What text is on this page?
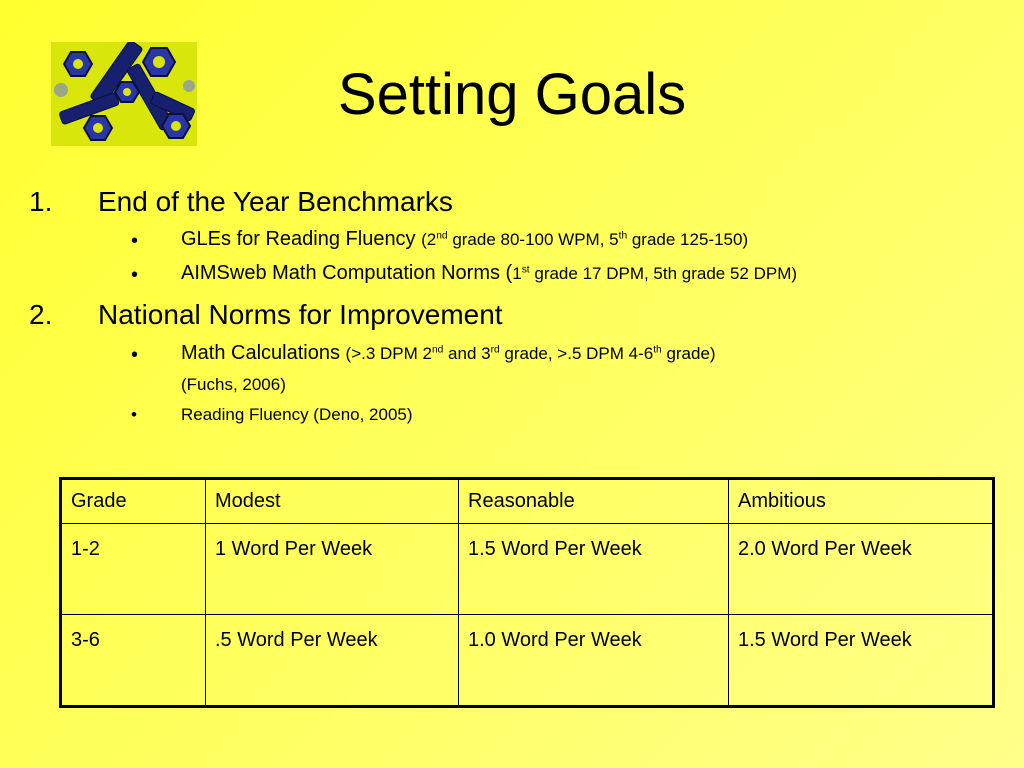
Setting Goals
1. End of the Year Benchmarks
• GLEs for Reading Fluency (2nd grade 80-100 WPM, 5th grade 125-150)
• AIMSweb Math Computation Norms (1st grade 17 DPM, 5th grade 52 DPM)
2. National Norms for Improvement
• Math Calculations (>.3 DPM 2nd and 3rd grade, >.5 DPM 4-6th grade)
(Fuchs, 2006)
•	Reading Fluency (Deno, 2005)
Grade	Modest	Reasonable	Ambitious
1-2	1 Word Per Week	1.5 Word Per Week	2.0 Word Per Week
3-6	.5 Word Per Week	1.0 Word Per Week	1.5 Word Per Week
